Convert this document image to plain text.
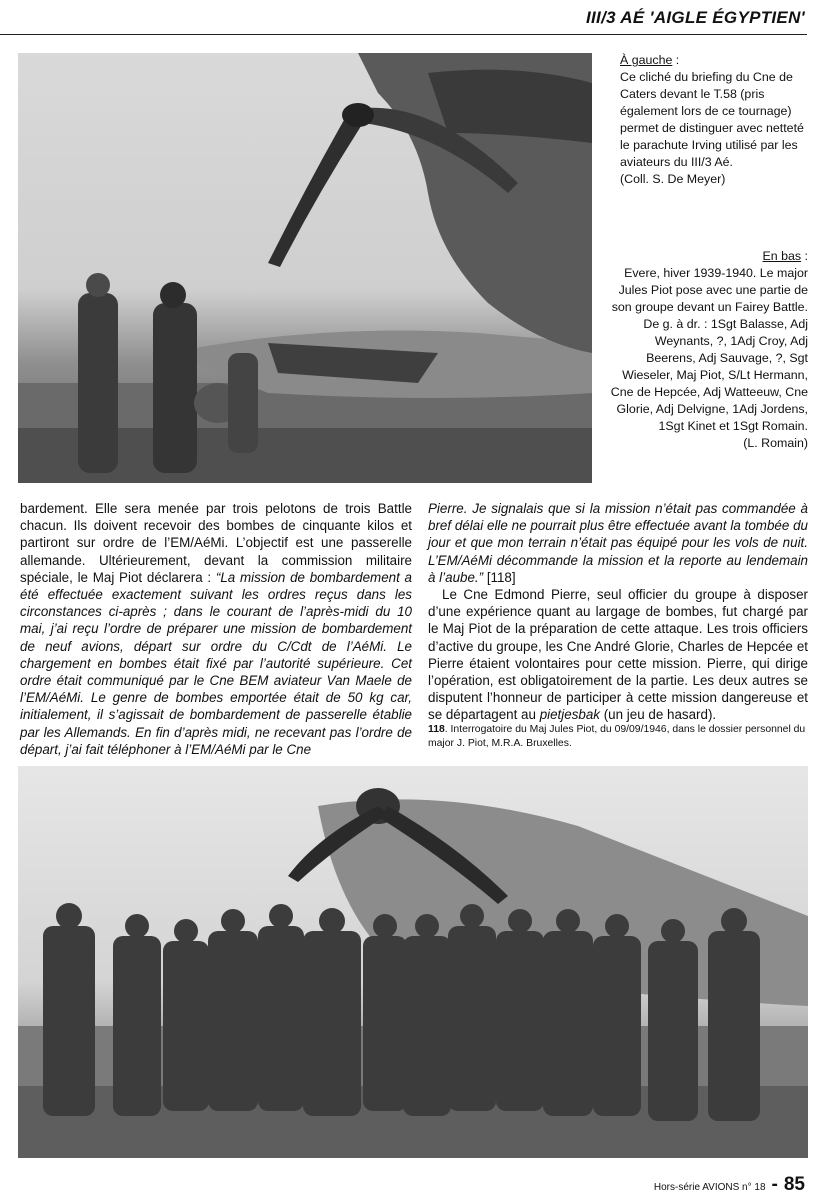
III/3 AÉ 'AIGLE ÉGYPTIEN'
À gauche :
Ce cliché du briefing du Cne de Caters devant le T.58 (pris également lors de ce tournage) permet de distinguer avec netteté le parachute Irving utilisé par les aviateurs du III/3 Aé.
(Coll. S. De Meyer)
En bas :
Evere, hiver 1939-1940. Le major Jules Piot pose avec une partie de son groupe devant un Fairey Battle. De g. à dr. : 1Sgt Balasse, Adj Weynants, ?, 1Adj Croy, Adj Beerens, Adj Sauvage, ?, Sgt Wieseler, Maj Piot, S/Lt Hermann, Cne de Hepcée, Adj Watteeuw, Cne Glorie, Adj Delvigne, 1Adj Jordens, 1Sgt Kinet et 1Sgt Romain.
(L. Romain)

bardement. Elle sera menée par trois pelotons de trois Battle chacun. Ils doivent recevoir des bombes de cinquante kilos et partiront sur ordre de l’EM/AéMi. L’objectif est une passerelle allemande. Ultérieurement, devant la commission militaire spéciale, le Maj Piot déclarera : “La mission de bombardement a été effectuée exactement suivant les ordres reçus dans les circonstances ci-après ; dans le courant de l’après-midi du 10 mai, j’ai reçu l’ordre de préparer une mission de bombardement de neuf avions, départ sur ordre du C/Cdt de l’AéMi. Le chargement en bombes était fixé par l’autorité supérieure. Cet ordre était communiqué par le Cne BEM aviateur Van Maele de l’EM/AéMi. Le genre de bombes emportée était de 50 kg car, initialement, il s’agissait de bombardement de passerelle établie par les Allemands. En fin d’après midi, ne recevant pas l’ordre de départ, j’ai fait téléphoner à l’EM/AéMi par le Cne

Pierre. Je signalais que si la mission n’était pas commandée à bref délai elle ne pourrait plus être effectuée avant la tombée du jour et que mon terrain n’était pas équipé pour les vols de nuit. L’EM/AéMi décommande la mission et la reporte au lendemain à l’aube.” [118]

Le Cne Edmond Pierre, seul officier du groupe à disposer d’une expérience quant au largage de bombes, fut chargé par le Maj Piot de la préparation de cette attaque. Les trois officiers d’active du groupe, les Cne André Glorie, Charles de Hepcée et Pierre étaient volontaires pour cette mission. Pierre, qui dirige l’opération, est obligatoirement de la partie. Les deux autres se disputent l’honneur de participer à cette mission dangereuse et se départagent au pietjesbak (un jeu de hasard).

118. Interrogatoire du Maj Jules Piot, du 09/09/1946, dans le dossier personnel du major J. Piot, M.R.A. Bruxelles.
Hors-série AVIONS n° 18 - 85
